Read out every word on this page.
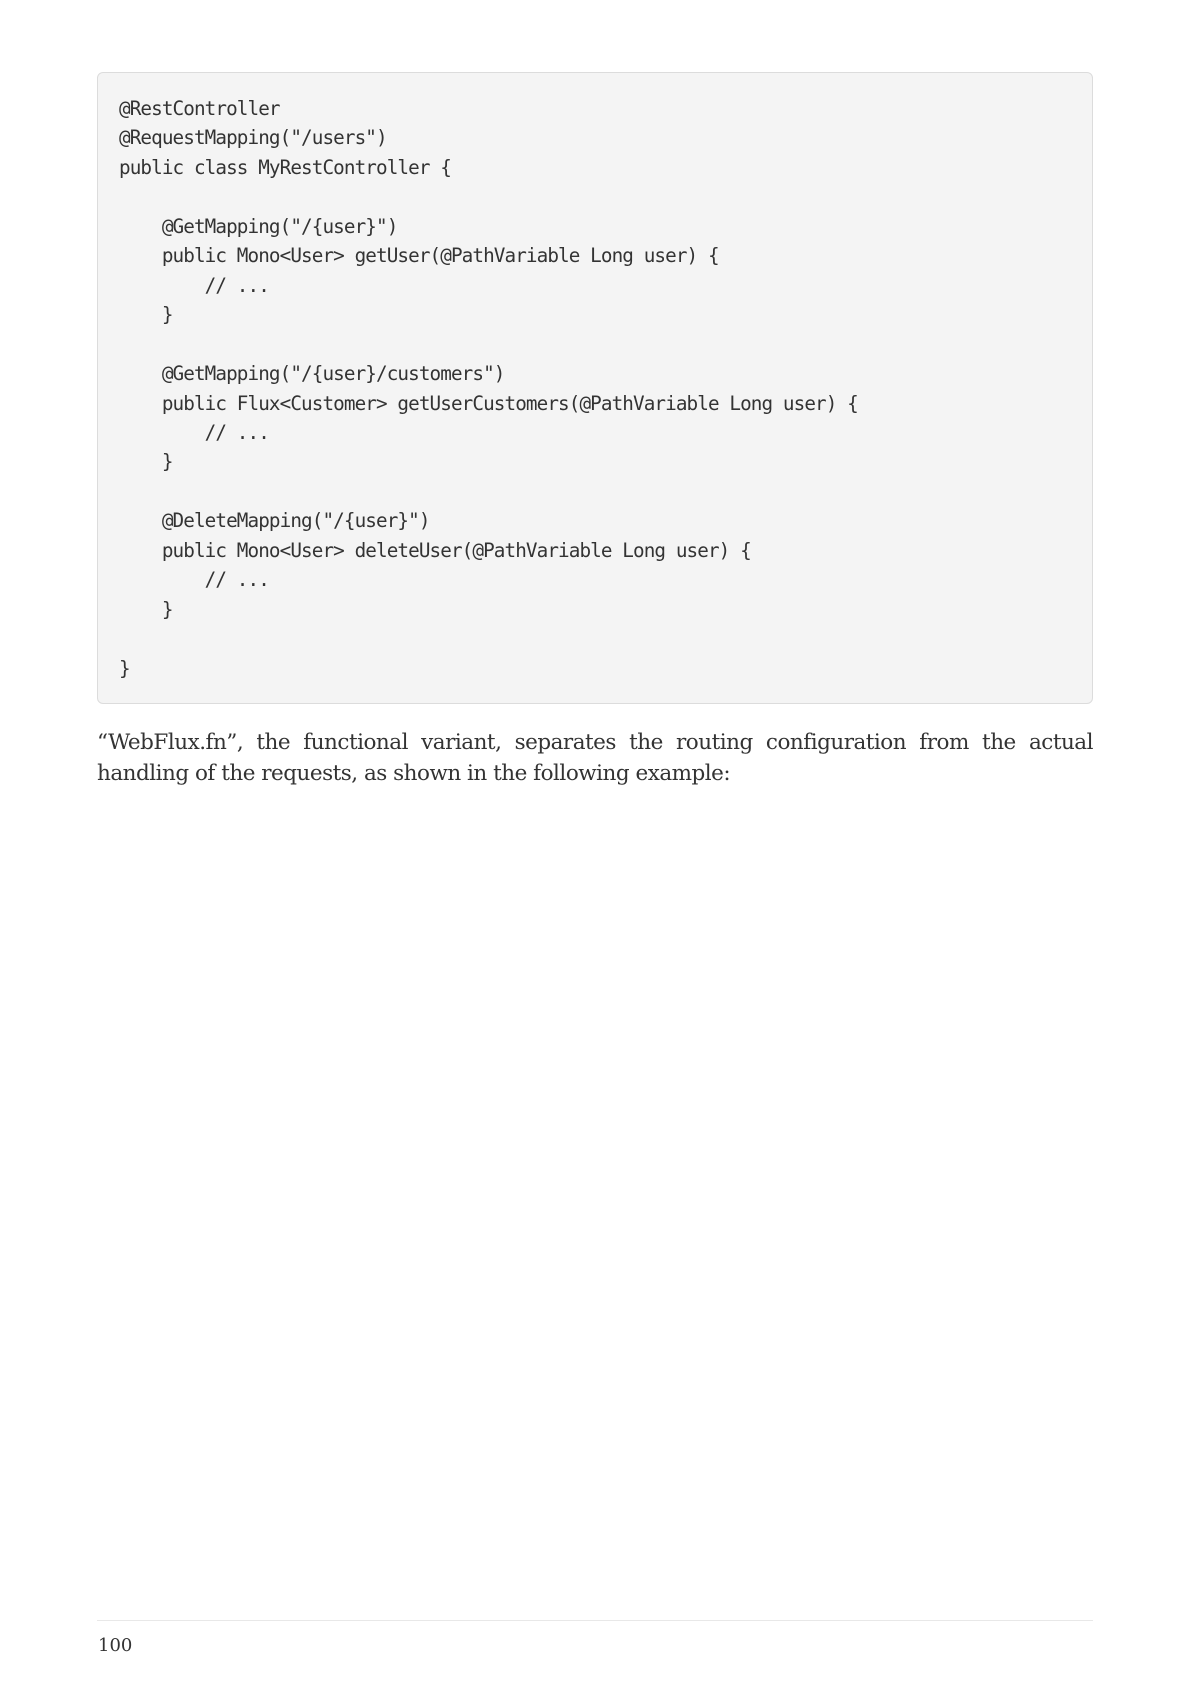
@RestController
@RequestMapping("/users")
public class MyRestController {

@GetMapping("/{user}")
public Mono<User> getUser(@PathVariable Long user) {
// ...
}

@GetMapping("/{user}/customers")
public Flux<Customer> getUserCustomers(@PathVariable Long user) {
// ...
}

@DeleteMapping("/{user}")
public Mono<User> deleteUser(@PathVariable Long user) {
// ...
}

}

“WebFlux.fn”, the functional variant, separates the routing configuration from the actual handling of the requests, as shown in the following example:

100
